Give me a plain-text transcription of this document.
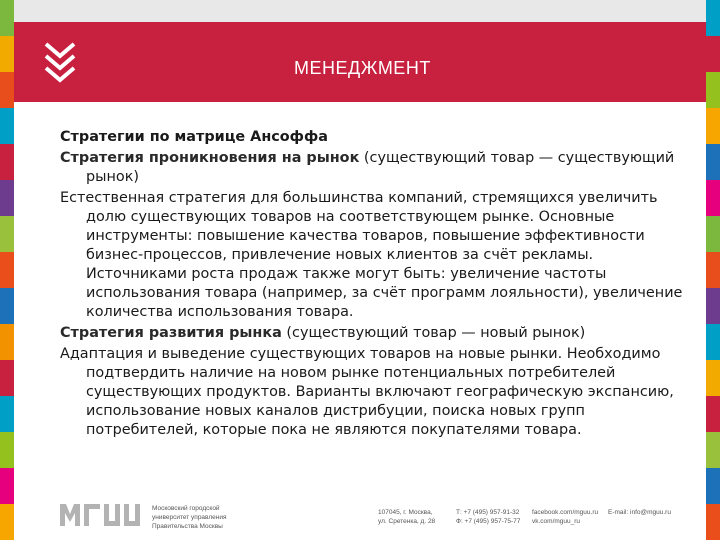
МЕНЕДЖМЕНТ

Стратегии по матрице Ансоффа

Стратегия проникновения на рынок (существующий товар — существующий рынок)

Естественная стратегия для большинства компаний, стремящихся увеличить долю существующих товаров на соответствующем рынке. Основные инструменты: повышение качества товаров, повышение эффективности бизнес-процессов, привлечение новых клиентов за счёт рекламы. Источниками роста продаж также могут быть: увеличение частоты использования товара (например, за счёт программ лояльности), увеличение количества использования товара.

Стратегия развития рынка (существующий товар — новый рынок)

Адаптация и выведение существующих товаров на новые рынки. Необходимо подтвердить наличие на новом рынке потенциальных потребителей существующих продуктов. Варианты включают географическую экспансию, использование новых каналов дистрибуции, поиска новых групп потребителей, которые пока не являются покупателями товара.

Московский городской
университет управления
Правительства Москвы
107045, г. Москва,
ул. Сретенка, д. 28
Т: +7 (495) 957-91-32
Ф: +7 (495) 957-75-77
facebook.com/mguu.ru
vk.com/mguu_ru
E-mail: info@mguu.ru
